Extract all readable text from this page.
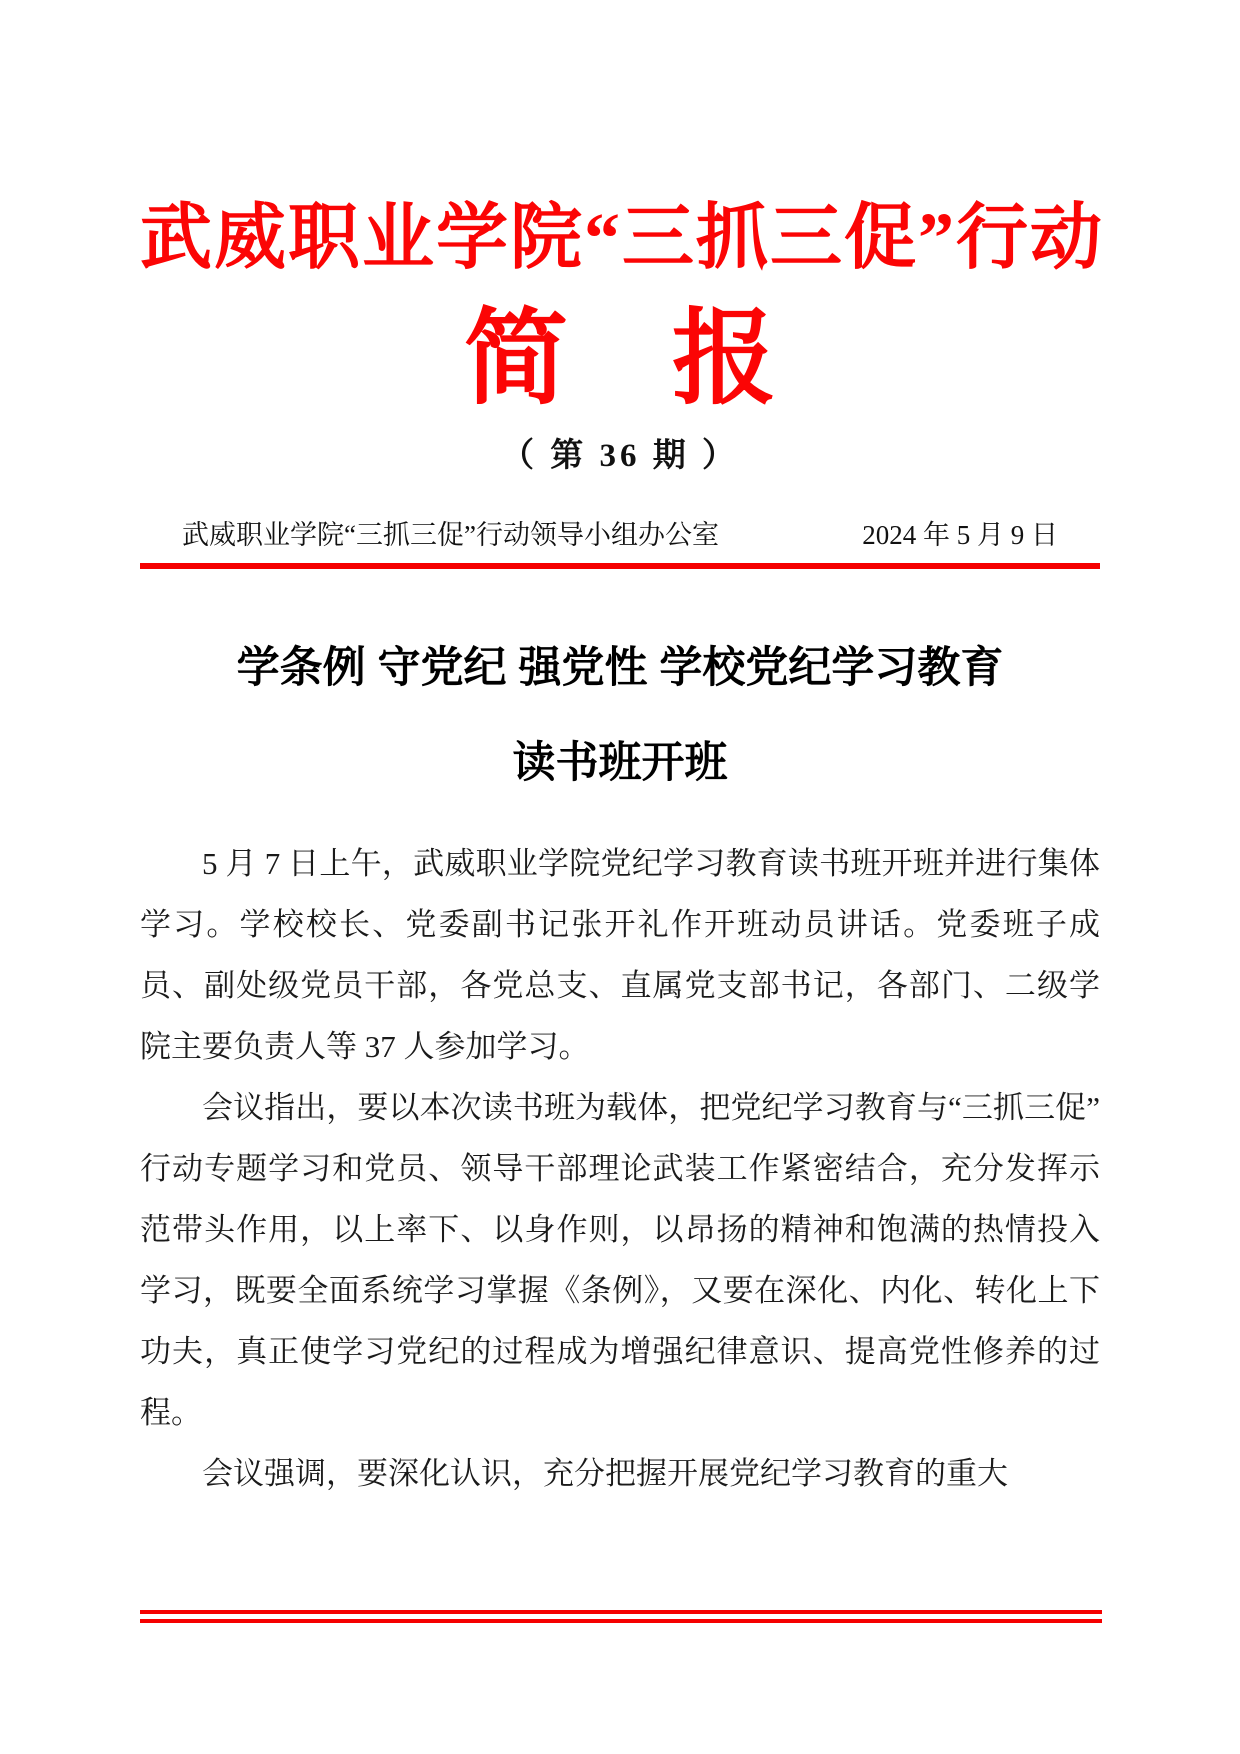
武威职业学院“三抓三促”行动
简　报
（ 第 36 期 ）
武威职业学院“三抓三促”行动领导小组办公室	2024 年 5 月 9 日
学条例 守党纪 强党性 学校党纪学习教育
读书班开班

5 月 7 日上午，武威职业学院党纪学习教育读书班开班并进行集体学习。学校校长、党委副书记张开礼作开班动员讲话。党委班子成员、副处级党员干部，各党总支、直属党支部书记，各部门、二级学院主要负责人等 37 人参加学习。

会议指出，要以本次读书班为载体，把党纪学习教育与“三抓三促”行动专题学习和党员、领导干部理论武装工作紧密结合，充分发挥示范带头作用，以上率下、以身作则，以昂扬的精神和饱满的热情投入学习，既要全面系统学习掌握《条例》，又要在深化、内化、转化上下功夫，真正使学习党纪的过程成为增强纪律意识、提高党性修养的过程。

会议强调，要深化认识，充分把握开展党纪学习教育的重大
